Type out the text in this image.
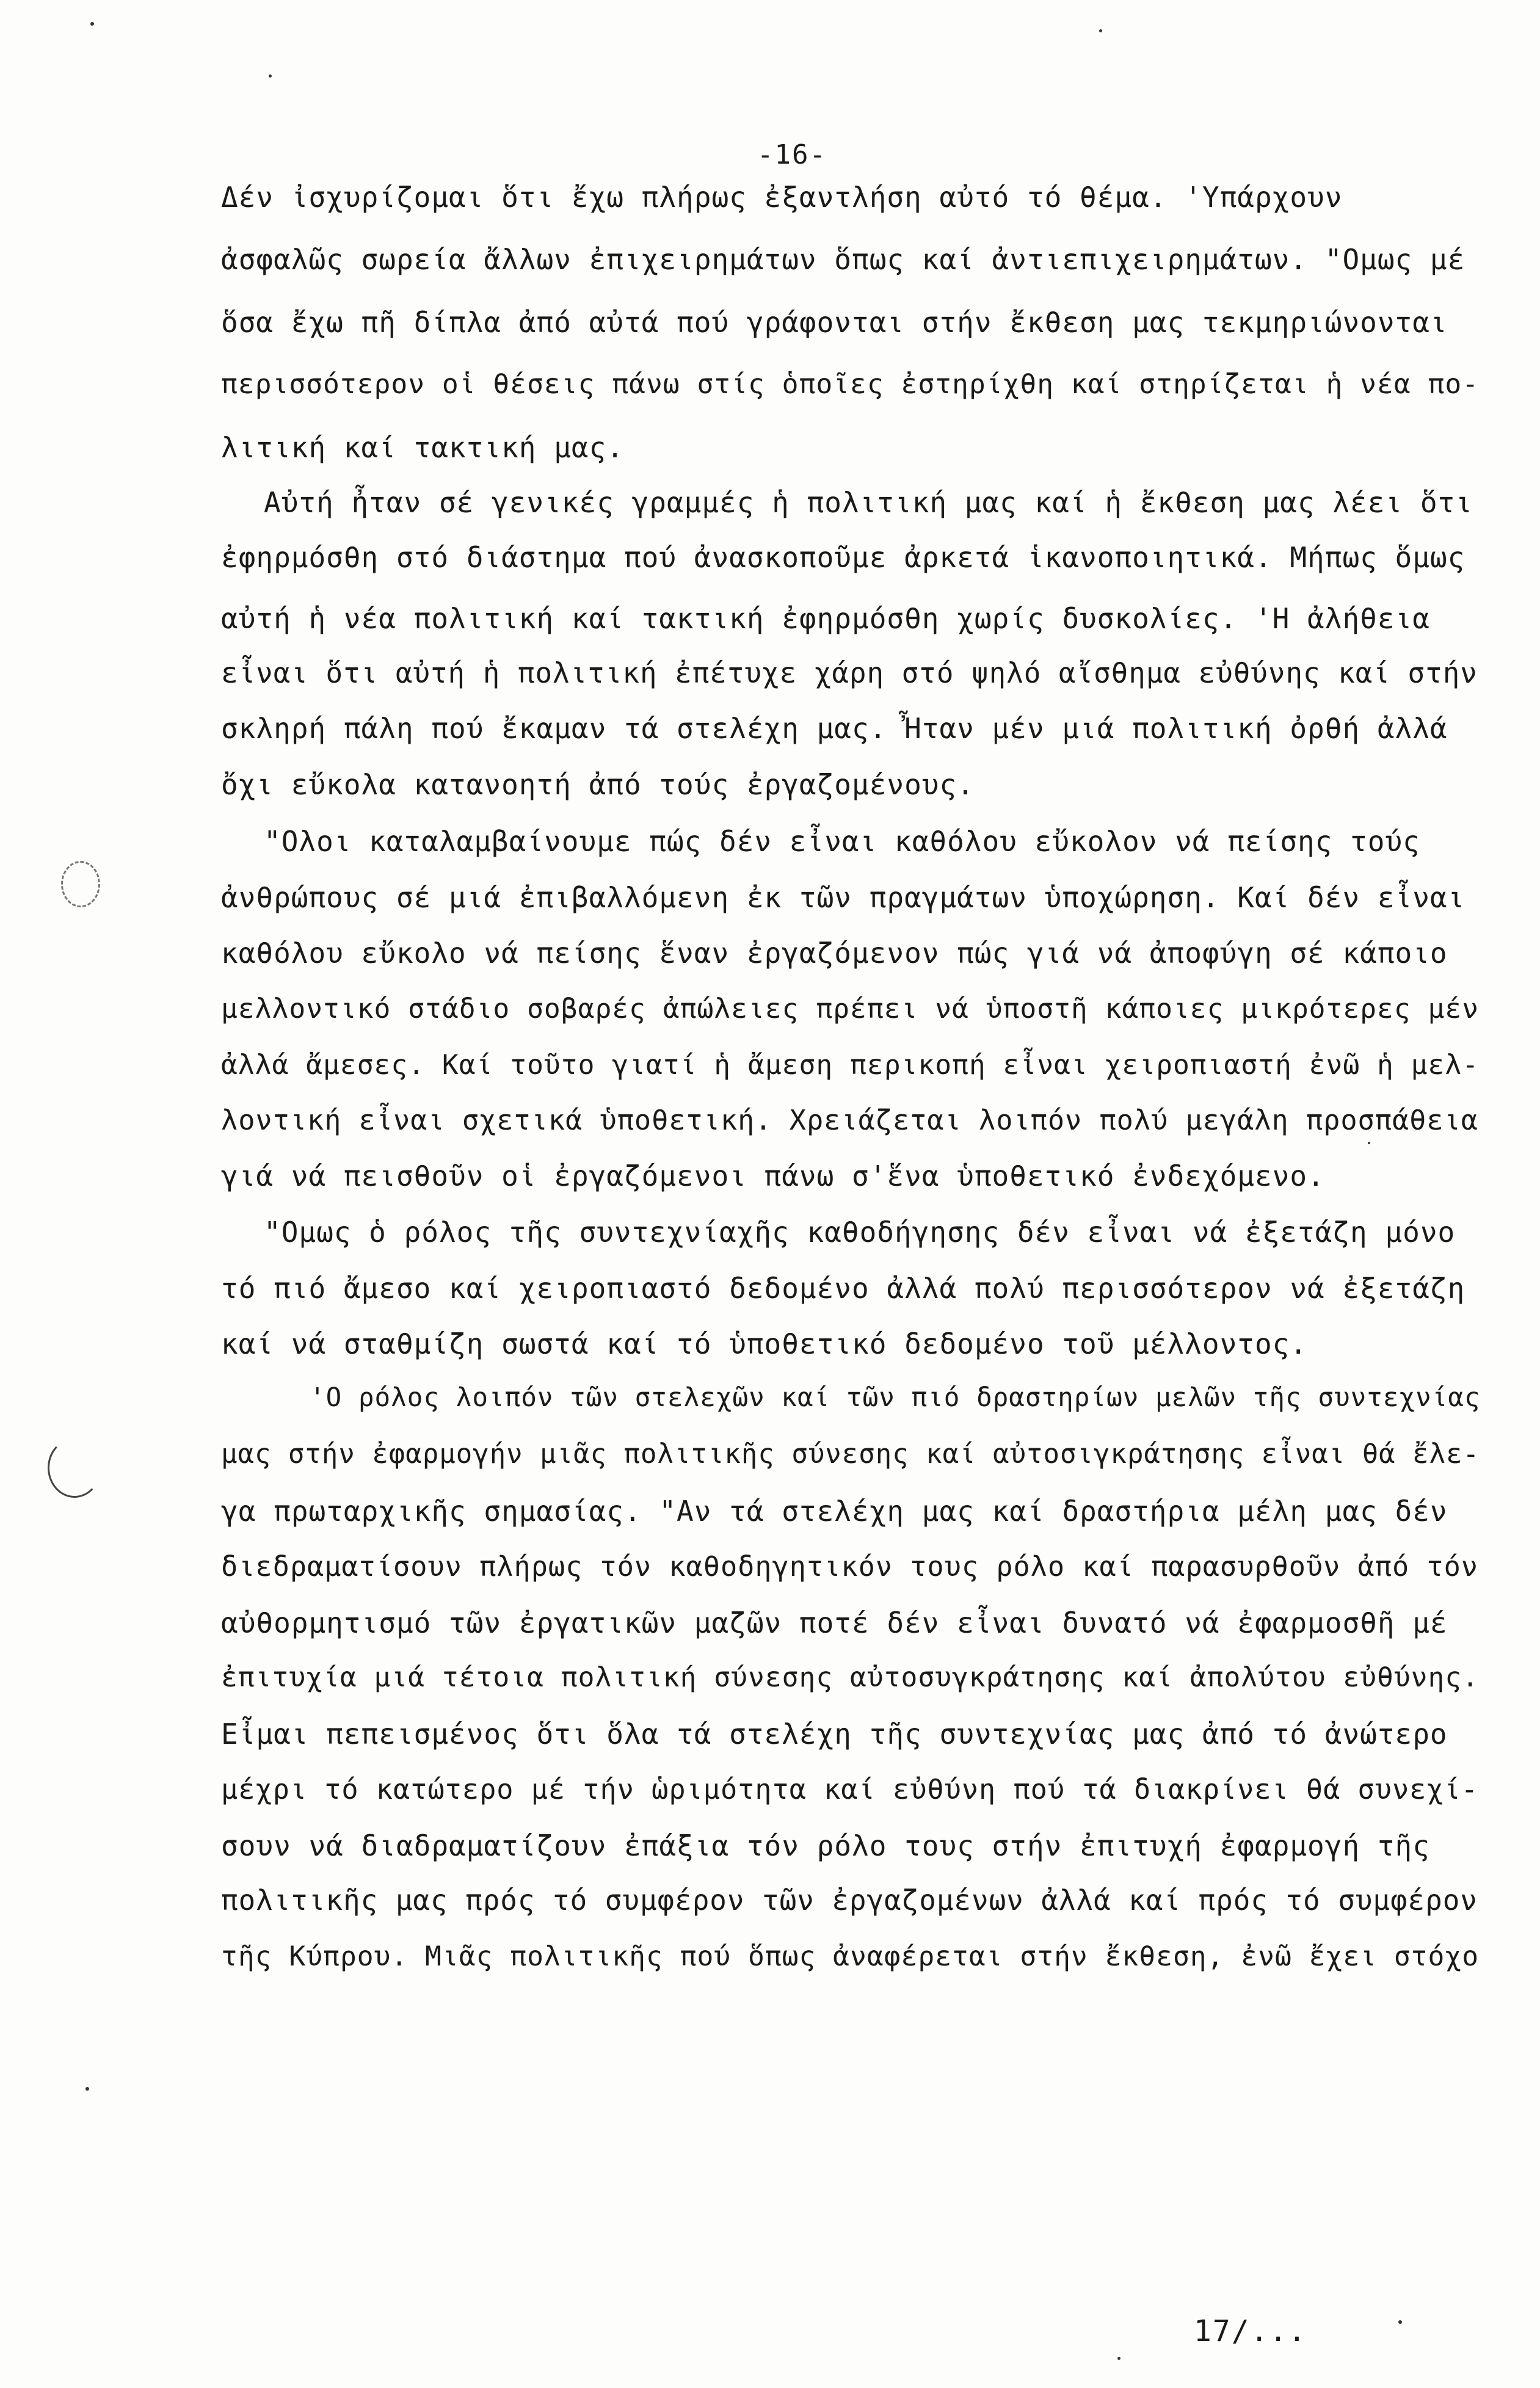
-16-
Δέν ἰσχυρίζομαι ὅτι ἔχω πλήρως ἐξαντλήση αὐτό τό θέμα. 'Υπάρχουν
ἀσφαλῶς σωρεία ἄλλων ἐπιχειρημάτων ὅπως καί ἀντιεπιχειρημάτων. "Ομως μέ
ὅσα ἔχω πῆ δίπλα ἀπό αὐτά πού γράφονται στήν ἔκθεση μας τεκμηριώνονται
περισσότερον οἱ θέσεις πάνω στίς ὁποῖες ἐστηρίχθη καί στηρίζεται ἡ νέα πο-
λιτική καί τακτική μας.
Αὐτή ἦταν σέ γενικές γραμμές ἡ πολιτική μας καί ἡ ἔκθεση μας λέει ὅτι
ἐφηρμόσθη στό διάστημα πού ἀνασκοποῦμε ἀρκετά ἱκανοποιητικά. Μήπως ὅμως
αὐτή ἡ νέα πολιτική καί τακτική ἐφηρμόσθη χωρίς δυσκολίες. 'Η ἀλήθεια
εἶναι ὅτι αὐτή ἡ πολιτική ἐπέτυχε χάρη στό ψηλό αἴσθημα εὐθύνης καί στήν
σκληρή πάλη πού ἔκαμαν τά στελέχη μας. Ἦταν μέν μιά πολιτική ὀρθή ἀλλά
ὄχι εὔκολα κατανοητή ἀπό τούς ἐργαζομένους.
"Ολοι καταλαμβαίνουμε πώς δέν εἶναι καθόλου εὔκολον νά πείσης τούς
ἀνθρώπους σέ μιά ἐπιβαλλόμενη ἐκ τῶν πραγμάτων ὑποχώρηση. Καί δέν εἶναι
καθόλου εὔκολο νά πείσης ἕναν ἐργαζόμενον πώς γιά νά ἀποφύγη σέ κάποιο
μελλοντικό στάδιο σοβαρές ἀπώλειες πρέπει νά ὑποστῆ κάποιες μικρότερες μέν
ἀλλά ἄμεσες. Καί τοῦτο γιατί ἡ ἄμεση περικοπή εἶναι χειροπιαστή ἐνῶ ἡ μελ-
λοντική εἶναι σχετικά ὑποθετική. Χρειάζεται λοιπόν πολύ μεγάλη προσπάθεια
γιά νά πεισθοῦν οἱ ἐργαζόμενοι πάνω σ'ἕνα ὑποθετικό ἐνδεχόμενο.
"Ομως ὁ ρόλος τῆς συντεχνίαχῆς καθοδήγησης δέν εἶναι νά ἐξετάζη μόνο
τό πιό ἄμεσο καί χειροπιαστό δεδομένο ἀλλά πολύ περισσότερον νά ἐξετάζη
καί νά σταθμίζη σωστά καί τό ὑποθετικό δεδομένο τοῦ μέλλοντος.
'Ο ρόλος λοιπόν τῶν στελεχῶν καί τῶν πιό δραστηρίων μελῶν τῆς συντεχνίας
μας στήν ἐφαρμογήν μιᾶς πολιτικῆς σύνεσης καί αὐτοσιγκράτησης εἶναι θά ἔλε-
γα πρωταρχικῆς σημασίας. "Αν τά στελέχη μας καί δραστήρια μέλη μας δέν
διεδραματίσουν πλήρως τόν καθοδηγητικόν τους ρόλο καί παρασυρθοῦν ἀπό τόν
αὐθορμητισμό τῶν ἐργατικῶν μαζῶν ποτέ δέν εἶναι δυνατό νά ἐφαρμοσθῆ μέ
ἐπιτυχία μιά τέτοια πολιτική σύνεσης αὐτοσυγκράτησης καί ἀπολύτου εὐθύνης.
Εἶμαι πεπεισμένος ὅτι ὅλα τά στελέχη τῆς συντεχνίας μας ἀπό τό ἀνώτερο
μέχρι τό κατώτερο μέ τήν ὡριμότητα καί εὐθύνη πού τά διακρίνει θά συνεχί-
σουν νά διαδραματίζουν ἐπάξια τόν ρόλο τους στήν ἐπιτυχή ἐφαρμογή τῆς
πολιτικῆς μας πρός τό συμφέρον τῶν ἐργαζομένων ἀλλά καί πρός τό συμφέρον
τῆς Κύπρου. Μιᾶς πολιτικῆς πού ὅπως ἀναφέρεται στήν ἔκθεση, ἐνῶ ἔχει στόχο
17/...
